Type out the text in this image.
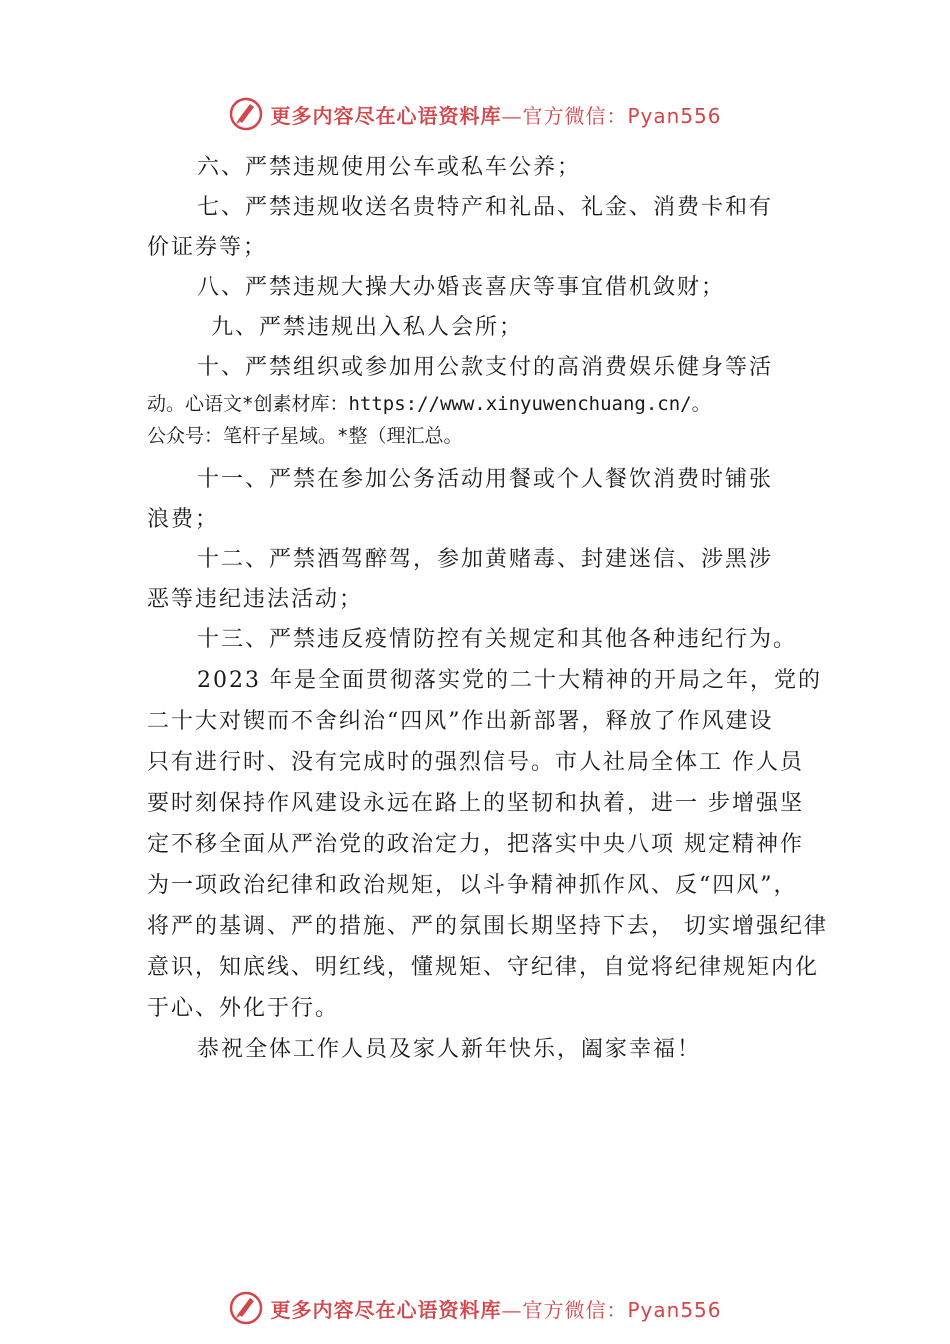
更多内容尽在心语资料库—官方微信：Pyan556
六、严禁违规使用公车或私车公养；
七、严禁违规收送名贵特产和礼品、礼金、消费卡和有
价证券等；
八、严禁违规大操大办婚丧喜庆等事宜借机敛财；
九、严禁违规出入私人会所；
十、严禁组织或参加用公款支付的高消费娱乐健身等活
动。心语文*创素材库：https://www.xinyuwenchuang.cn/。
公众号：笔杆子星域。*整（理汇总。
十一、严禁在参加公务活动用餐或个人餐饮消费时铺张
浪费；
十二、严禁酒驾醉驾，参加黄赌毒、封建迷信、涉黑涉
恶等违纪违法活动；
十三、严禁违反疫情防控有关规定和其他各种违纪行为。
2023 年是全面贯彻落实党的二十大精神的开局之年，党的
二十大对锲而不舍纠治“四风”作出新部署，释放了作风建设
只有进行时、没有完成时的强烈信号。市人社局全体工 作人员
要时刻保持作风建设永远在路上的坚韧和执着，进一 步增强坚
定不移全面从严治党的政治定力，把落实中央八项 规定精神作
为一项政治纪律和政治规矩，以斗争精神抓作风、反“四风”，
将严的基调、严的措施、严的氛围长期坚持下去， 切实增强纪律
意识，知底线、明红线，懂规矩、守纪律，自觉将纪律规矩内化
于心、外化于行。
恭祝全体工作人员及家人新年快乐，阖家幸福！
更多内容尽在心语资料库—官方微信：Pyan556
